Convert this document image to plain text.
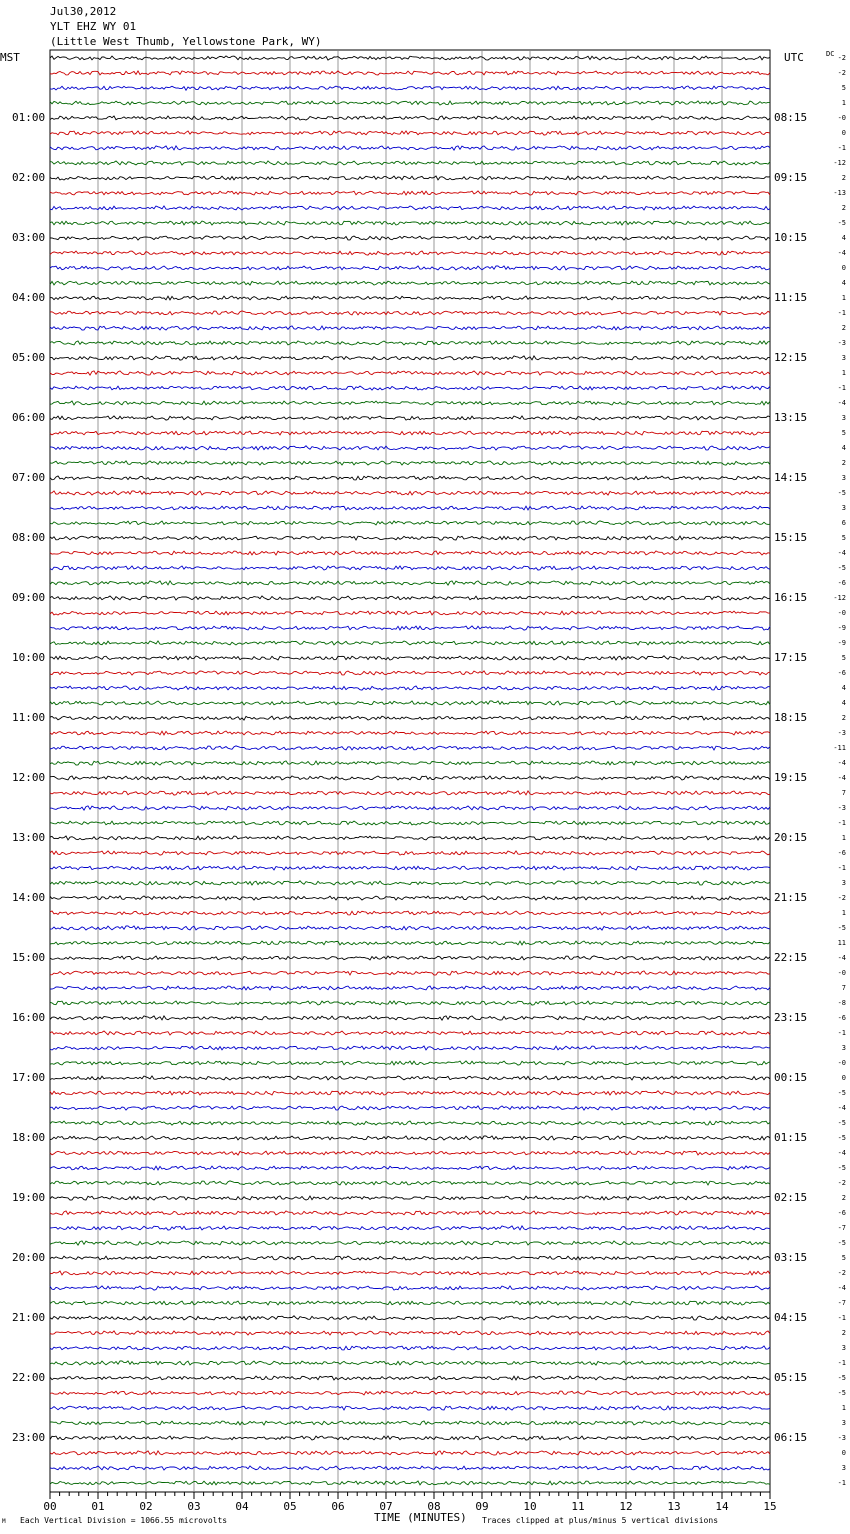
Jul30,2012
YLT EHZ WY 01
(Little West Thumb, Yellowstone Park, WY)
MST	UTC	DC
01:00
02:00
03:00
04:00
05:00
06:00
07:00
08:00
09:00
10:00
11:00
12:00
13:00
14:00
15:00
16:00
17:00
18:00
19:00
20:00
21:00
22:00
23:00
08:15
09:15
10:15
11:15
12:15
13:15
14:15
15:15
16:15
17:15
18:15
19:15
20:15
21:15
22:15
23:15
00:15
01:15
02:15
03:15
04:15
05:15
06:15
-2
-2
5
1
-0
0
-1
-12
2
-13
2
-5
4
-4
0
4
1
-1
2
-3
3
1
-1
-4
3
5
4
2
3
-5
3
6
5
-4
-5
-6
-12
-0
-9
-9
5
-6
4
4
2
-3
-11
-4
-4
7
-3
-1
1
-6
-1
3
-2
1
-5
11
-4
-0
7
-8
-6
-1
3
-0
0
-5
-4
-5
-5
-4
-5
-2
2
-6
-7
-5
5
-2
-4
-7
-1
2
3
-1
-5
-5
1
3
-3
0
3
-1
00	01	02	03	04	05	06	07	08	09	10	11	12	13	14	15
TIME (MINUTES)
Each Vertical Division = 1066.55 microvolts	Traces clipped at plus/minus 5 vertical divisions
M
